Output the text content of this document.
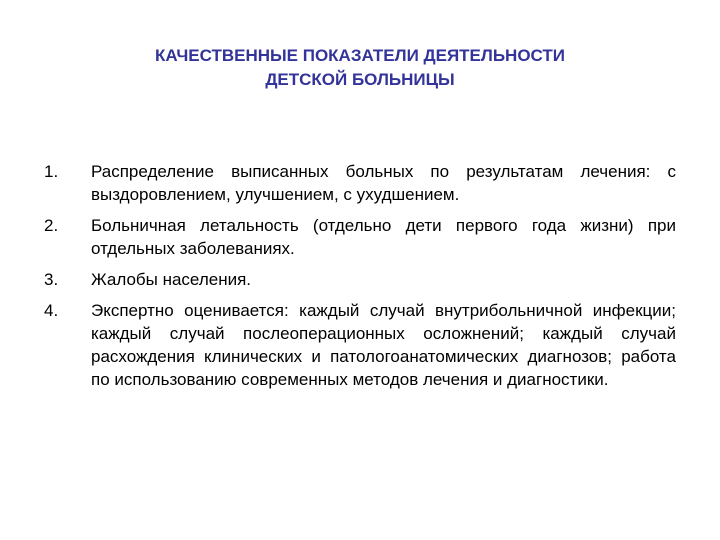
КАЧЕСТВЕННЫЕ ПОКАЗАТЕЛИ ДЕЯТЕЛЬНОСТИ
ДЕТСКОЙ БОЛЬНИЦЫ
1. Распределение выписанных больных по результатам лечения: с выздоровлением, улучшением, с ухудшением.
2. Больничная летальность (отдельно дети первого года жизни) при отдельных заболеваниях.
3. Жалобы населения.
4. Экспертно оценивается: каждый случай внутрибольничной инфекции; каждый случай послеоперационных осложнений; каждый случай расхождения клинических и патологоанатомических диагнозов; работа по использованию современных методов лечения и диагностики.
